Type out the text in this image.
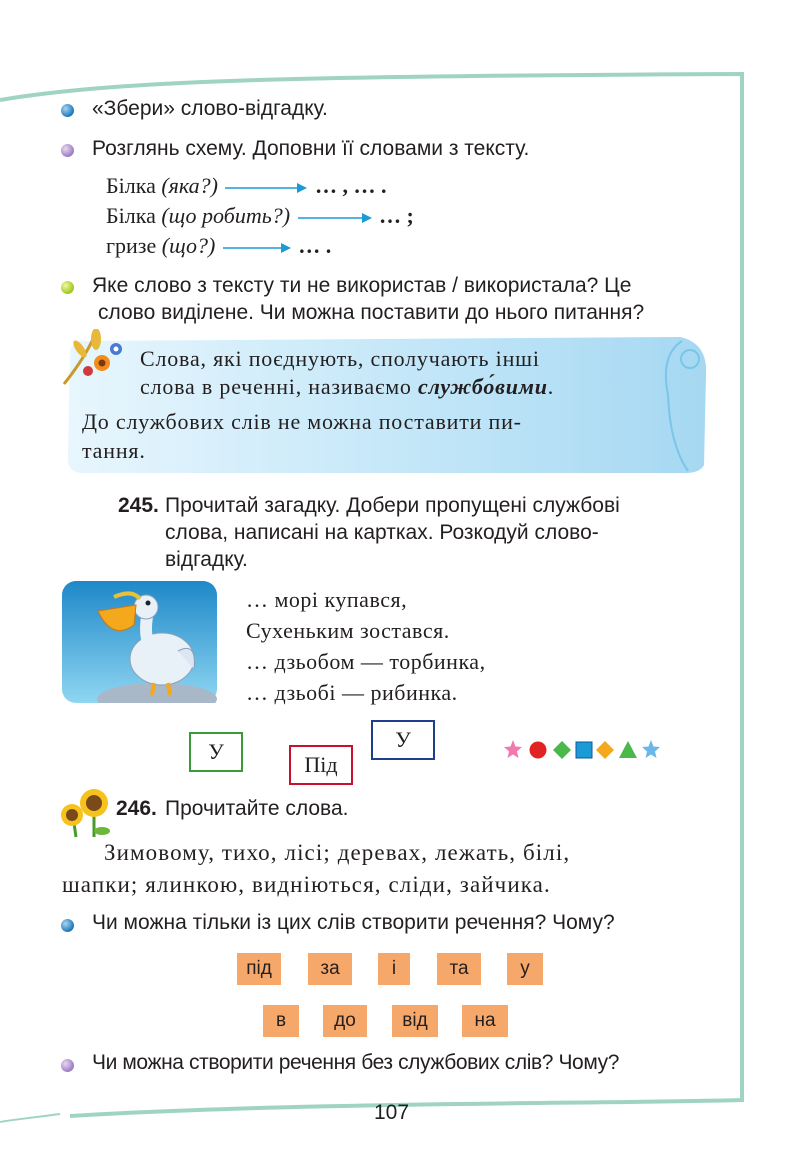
«Збери» слово-відгадку.
Розглянь схему. Доповни її словами з тексту.
Білка (яка?)	… , … .
Білка (що робить?)	… ;
гризе (що?)	… .
Яке слово з тексту ти не використав / використала? Це
слово виділене. Чи можна поставити до нього питання?
Слова, які поєднують, сполучають інші
слова в реченні, називаємо службо́вими.
До службових слів не можна поставити пи-
тання.
245. Прочитай загадку. Добери пропущені службові
слова, написані на картках. Розкодуй слово-
відгадку.
… морі купався,
Сухеньким зостався.
… дзьобом — торбинка,
… дзьобі — рибинка.
У
Під
У
246. Прочитайте слова.
Зимовому, тихо, лісі; деревах, лежать, білі,
шапки; ялинкою, видніються, сліди, зайчика.
Чи можна тільки із цих слів створити речення? Чому?
під	за	і	та	у
в	до	від	на
Чи можна створити речення без службових слів? Чому?
107
